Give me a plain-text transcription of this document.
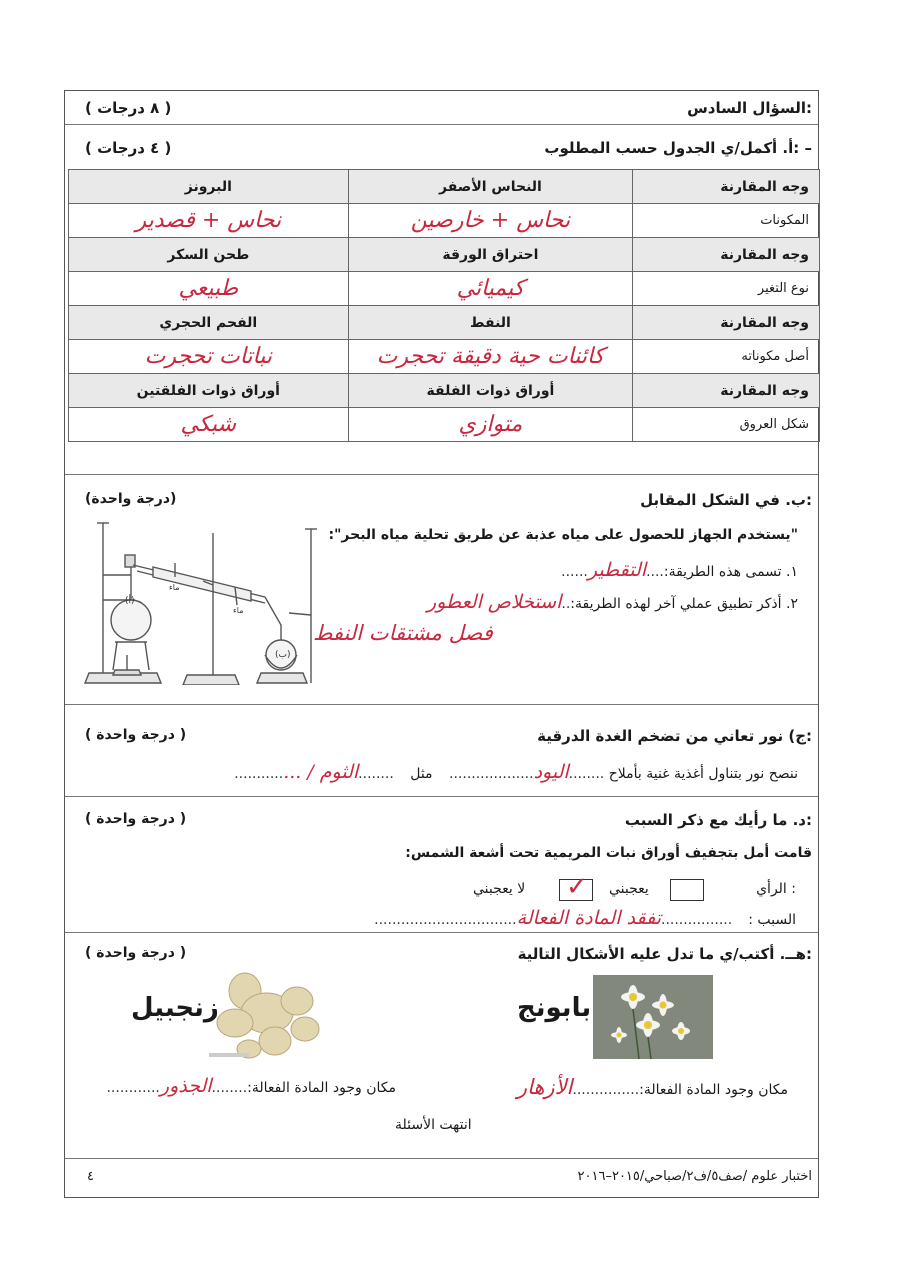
السؤال السادس:
( ٨ درجات )
أ. أكمل/ي الجدول حسب المطلوب: –
( ٤ درجات )
وجه المقارنة	النحاس الأصفر	البرونز
المكونات	نحاس + خارصين	نحاس + قصدير
وجه المقارنة	احتراق الورقة	طحن السكر
نوع التغير	كيميائي	طبيعي
وجه المقارنة	النفط	الفحم الحجري
أصل مكوناته	كائنات حية دقيقة تحجرت	نباتات تحجرت
وجه المقارنة	أوراق ذوات الفلقة	أوراق ذوات الفلقتين
شكل العروق	متوازي	شبكي
ب. في الشكل المقابل:
(درجة واحدة)
"يستخدم الجهاز للحصول على مياه عذبة عن طريق تحلية مياه البحر":
١. تسمى هذه الطريقة:....التقطير......
٢. أذكر تطبيق عملي آخر لهذه الطريقة:..استخلاص العطور
فصل مشتقات النفط
(أ)
(ب)
ماء
ماء
ج) نور تعاني من تضخم الغدة الدرقية:
( درجة واحدة )
ننصح نور بتناول أغذية غنية بأملاح ........اليود................... مثل ........الثوم / ..............
د. ما رأيك مع ذكر السبب:
( درجة واحدة )
قامت أمل بتجفيف أوراق نبات المريمية تحت أشعة الشمس:
الرأي :
يعجبني
✓
لا يعجبني
السبب :................تفقد المادة الفعالة................................
هــ. أكتب/ي ما تدل عليه الأشكال التالية:
( درجة واحدة )
بابونج
زنجبيل
مكان وجود المادة الفعالة:...............الأزهار
مكان وجود المادة الفعالة:........الجذور............
انتهت الأسئلة
اختبار علوم /صف٥/ف٢/صباحي/٢٠١٥–٢٠١٦
٤
